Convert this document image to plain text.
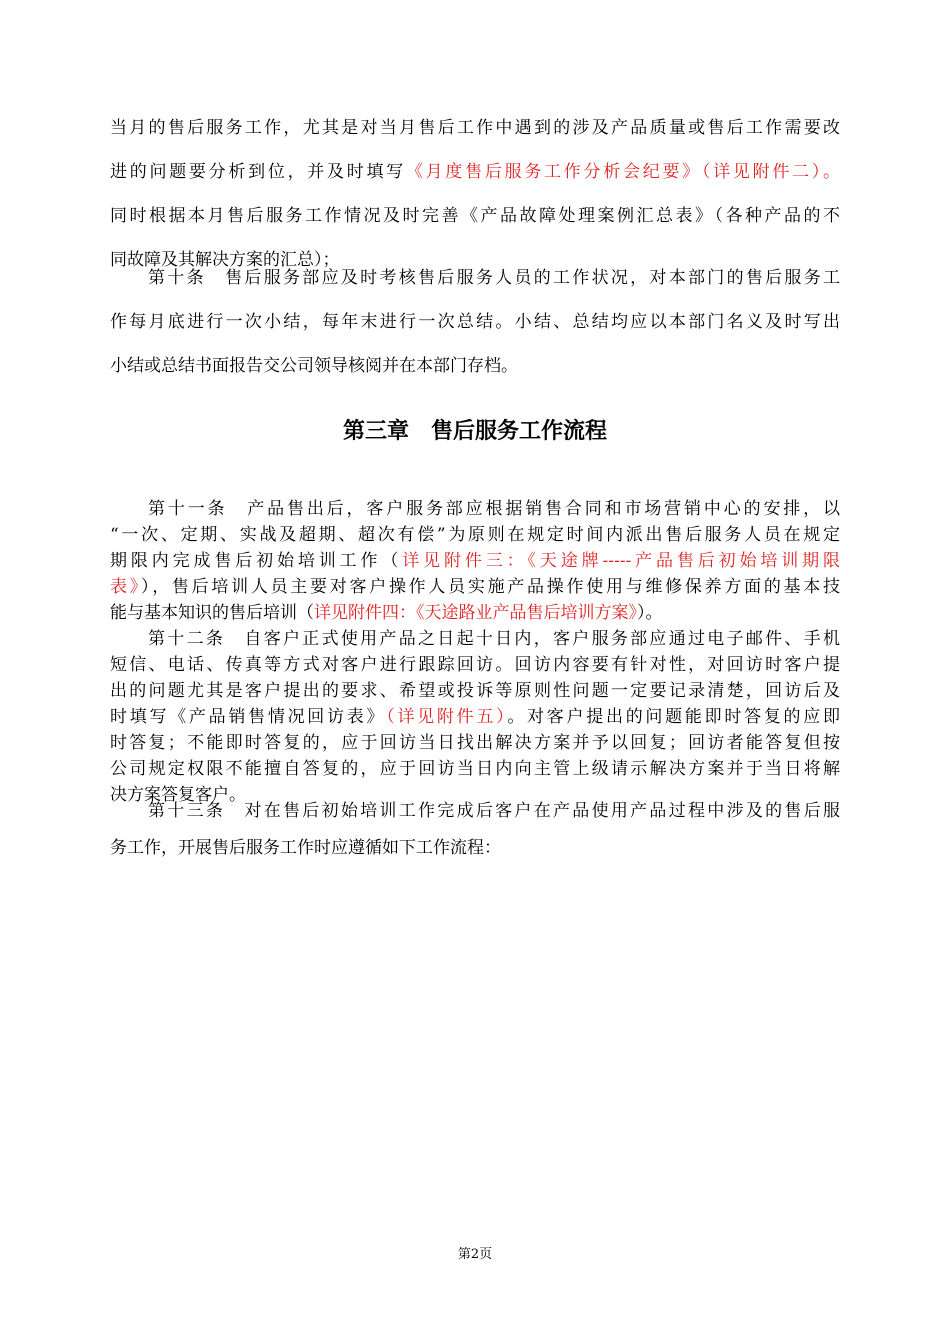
当月的售后服务工作，尤其是对当月售后工作中遇到的涉及产品质量或售后工作需要改
进的问题要分析到位，并及时填写《月度售后服务工作分析会纪要》（详见附件二）。
同时根据本月售后服务工作情况及时完善《产品故障处理案例汇总表》（各种产品的不
同故障及其解决方案的汇总）；
第十条　售后服务部应及时考核售后服务人员的工作状况，对本部门的售后服务工
作每月底进行一次小结，每年末进行一次总结。小结、总结均应以本部门名义及时写出
小结或总结书面报告交公司领导核阅并在本部门存档。
第三章　售后服务工作流程
第十一条　产品售出后，客户服务部应根据销售合同和市场营销中心的安排，以
“一次、定期、实战及超期、超次有偿”为原则在规定时间内派出售后服务人员在规定
期限内完成售后初始培训工作（详见附件三：《天途牌-----产品售后初始培训期限
表》），售后培训人员主要对客户操作人员实施产品操作使用与维修保养方面的基本技
能与基本知识的售后培训（详见附件四：《天途路业产品售后培训方案》）。
第十二条　自客户正式使用产品之日起十日内，客户服务部应通过电子邮件、手机
短信、电话、传真等方式对客户进行跟踪回访。回访内容要有针对性，对回访时客户提
出的问题尤其是客户提出的要求、希望或投诉等原则性问题一定要记录清楚，回访后及
时填写《产品销售情况回访表》（详见附件五）。对客户提出的问题能即时答复的应即
时答复；不能即时答复的，应于回访当日找出解决方案并予以回复；回访者能答复但按
公司规定权限不能擅自答复的，应于回访当日内向主管上级请示解决方案并于当日将解
决方案答复客户。
第十三条　对在售后初始培训工作完成后客户在产品使用产品过程中涉及的售后服
务工作，开展售后服务工作时应遵循如下工作流程：
第2页
